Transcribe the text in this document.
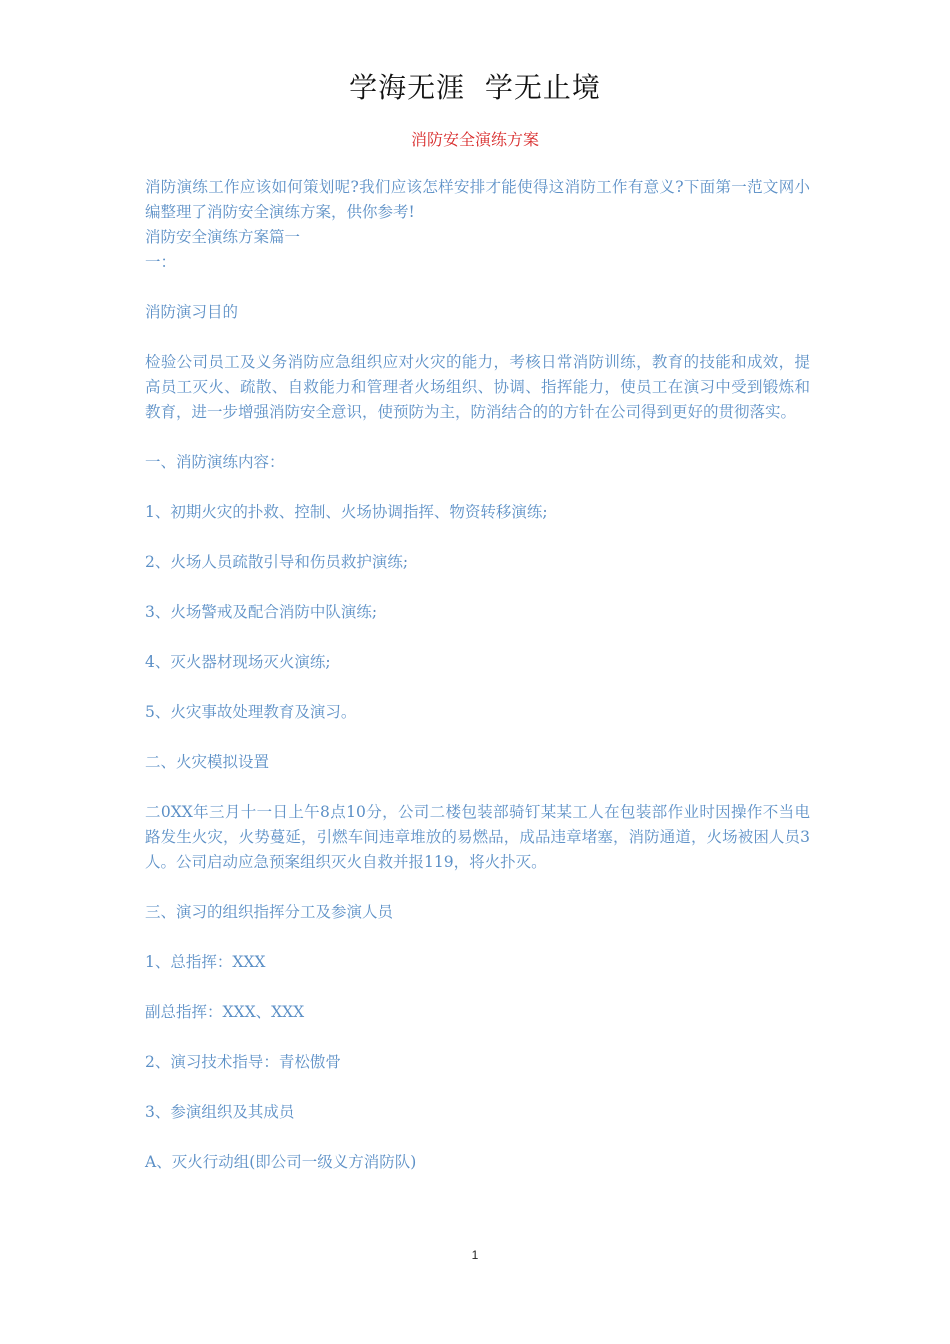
学海无涯  学无止境
消防安全演练方案

消防演练工作应该如何策划呢?我们应该怎样安排才能使得这消防工作有意义?下面第一范文网小编整理了消防安全演练方案，供你参考!

消防安全演练方案篇一

一：

消防演习目的

检验公司员工及义务消防应急组织应对火灾的能力，考核日常消防训练，教育的技能和成效，提高员工灭火、疏散、自救能力和管理者火场组织、协调、指挥能力，使员工在演习中受到锻炼和教育，进一步增强消防安全意识，使预防为主，防消结合的的方针在公司得到更好的贯彻落实。

一、消防演练内容：

1、初期火灾的扑救、控制、火场协调指挥、物资转移演练;

2、火场人员疏散引导和伤员救护演练;

3、火场警戒及配合消防中队演练;

4、灭火器材现场灭火演练;

5、火灾事故处理教育及演习。

二、火灾模拟设置

二0XX年三月十一日上午8点10分，公司二楼包装部骑钉某某工人在包装部作业时因操作不当电路发生火灾，火势蔓延，引燃车间违章堆放的易燃品，成品违章堵塞，消防通道，火场被困人员3人。公司启动应急预案组织灭火自救并报119，将火扑灭。

三、演习的组织指挥分工及参演人员

1、总指挥：XXX

副总指挥：XXX、XXX

2、演习技术指导：青松傲骨

3、参演组织及其成员

A、灭火行动组(即公司一级义方消防队)

1
